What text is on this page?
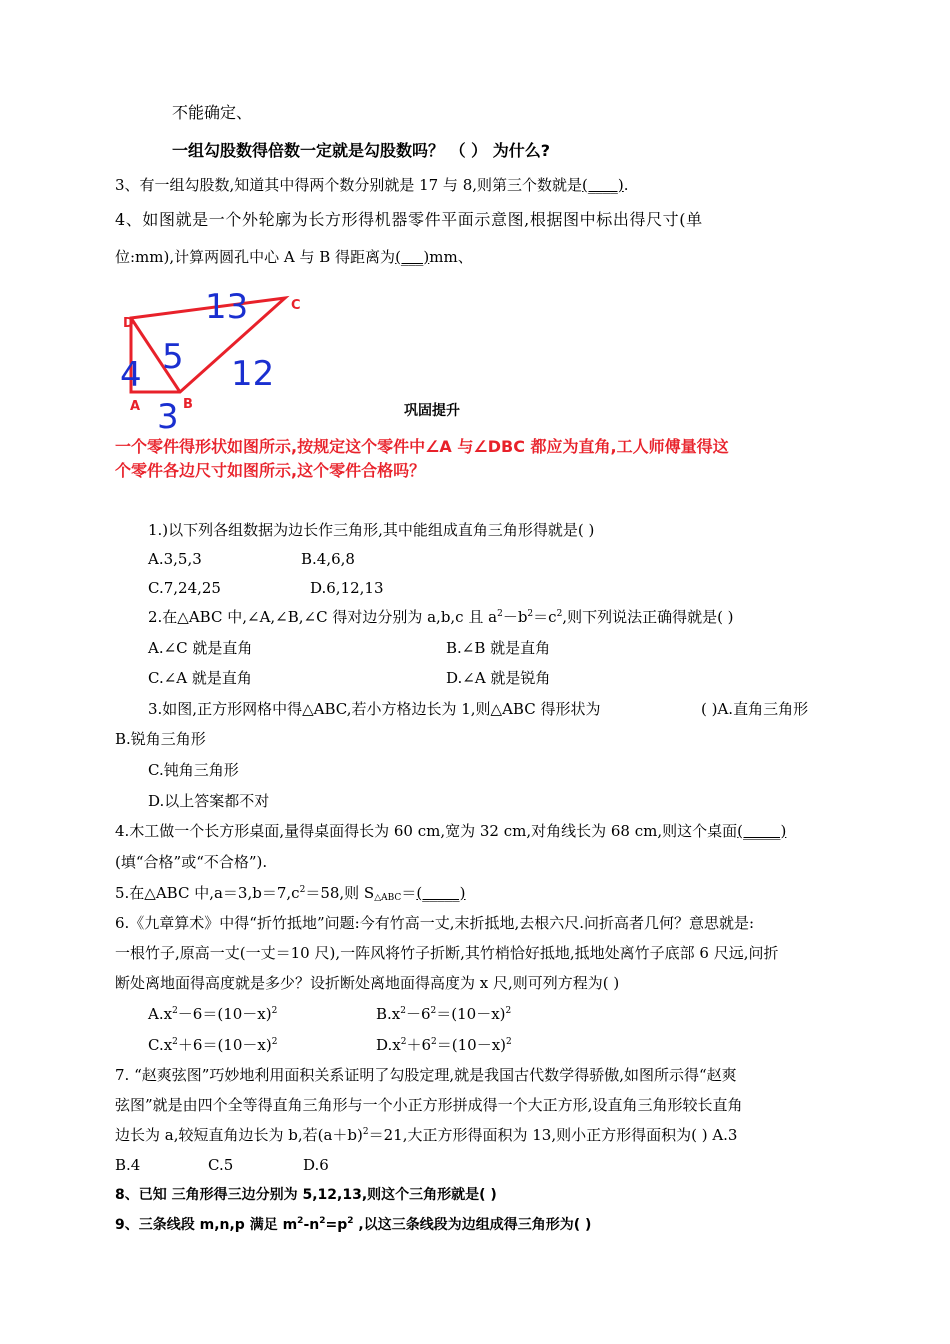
不能确定、
一组勾股数得倍数一定就是勾股数吗？ （ ） 为什么?
3、有一组勾股数,知道其中得两个数分别就是 17 与 8,则第三个数就是(____).
4、如图就是一个外轮廓为长方形得机器零件平面示意图,根据图中标出得尺寸(单
位:mm),计算两圆孔中心 A 与 B 得距离为(___)mm、
13	C
D
5 12
4
A	B
3	巩固提升
一个零件得形状如图所示,按规定这个零件中∠A 与∠DBC 都应为直角,工人师傅量得这
个零件各边尺寸如图所示,这个零件合格吗？
1.)以下列各组数据为边长作三角形,其中能组成直角三角形得就是( )
A.3,5,3	B.4,6,8
C.7,24,25	D.6,12,13
2.在△ABC 中,∠A,∠B,∠C 得对边分别为 a,b,c 且 $a^2-b^2=c^2$,则下列说法正确得就是( )
A.∠C 就是直角	B.∠B 就是直角
C.∠A 就是直角	D.∠A 就是锐角
3.如图,正方形网格中得△ABC,若小方格边长为 1,则△ABC 得形状为	( )A.直角三角形
B.锐角三角形
C.钝角三角形
D.以上答案都不对
4.木工做一个长方形桌面,量得桌面得长为 60 cm,宽为 32 cm,对角线长为 68 cm,则这个桌面(_____)
(填“合格”或“不合格”).
5.在△ABC 中$,a=3,b=7,c^2=58$,则 $S_{\triangle ABC}=(\_\_\_\_\_)$
6.《九章算术》中得“折竹抵地”问题:今有竹高一丈,末折抵地,去根六尺.问折高者几何？意思就是:
一根竹子,原高一丈(一丈＝10 尺),一阵风将竹子折断,其竹梢恰好抵地,抵地处离竹子底部 6 尺远,问折
断处离地面得高度就是多少？设折断处离地面得高度为 x 尺,则可列方程为( )
$A.x^2-6=(10-x)^2$	$B.x^2-6^2=(10-x)^2$
$C.x^2+6=(10-x)^2$	$D.x^2+6^2=(10-x)^2$
7. “赵爽弦图”巧妙地利用面积关系证明了勾股定理,就是我国古代数学得骄傲,如图所示得“赵爽
弦图”就是由四个全等得直角三角形与一个小正方形拼成得一个大正方形,设直角三角形较长直角
边长为 a,较短直角边长为 b,若$(a+b)^2=21$,大正方形得面积为 13,则小正方形得面积为( ) A.3
B.4	C.5	D.6
8、已知 三角形得三边分别为 5,12,13,则这个三角形就是( )
9、三条线段 m,n,p 满足 $m^2-n^2=p^2$ ,以这三条线段为边组成得三角形为( )
